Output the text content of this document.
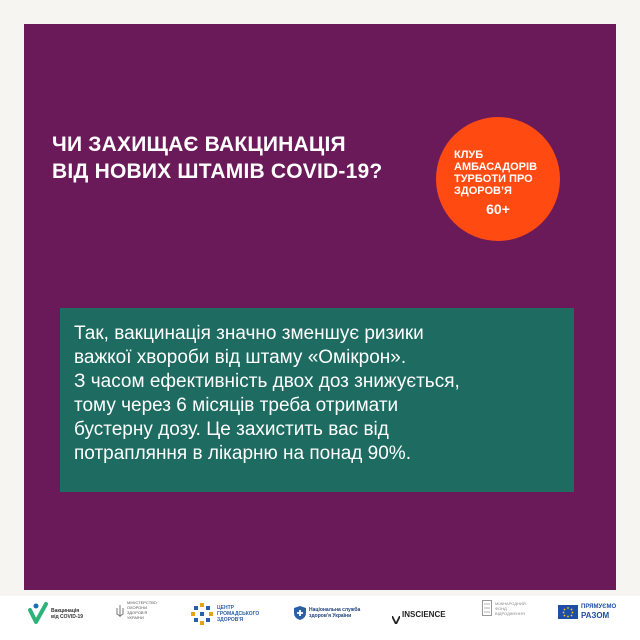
ЧИ ЗАХИЩАЄ ВАКЦИНАЦІЯ
ВІД НОВИХ ШТАМІВ COVID-19?
КЛУБ
АМБАСАДОРІВ
ТУРБОТИ ПРО
ЗДОРОВ’Я
60+

Так, вакцинація значно зменшує ризики

важкої хвороби від штаму «Омікрон».

З часом ефективність двох доз знижується,

тому через 6 місяців треба отримати

бустерну дозу. Це захистить вас від

потрапляння в лікарню на понад 90%.

Вакцинація
від COVID-19
МІНІСТЕРСТВО
ОХОРОНИ
ЗДОРОВ'Я
УКРАЇНИ
ЦЕНТР
ГРОМАДСЬКОГО
ЗДОРОВ'Я
Національна служба
здоров'я України	INSCIENCE
МІЖНАРОДНИЙ
ФОНД
ВІДРОДЖЕННЯ
ПРЯМУЄМО
РАЗОМ
